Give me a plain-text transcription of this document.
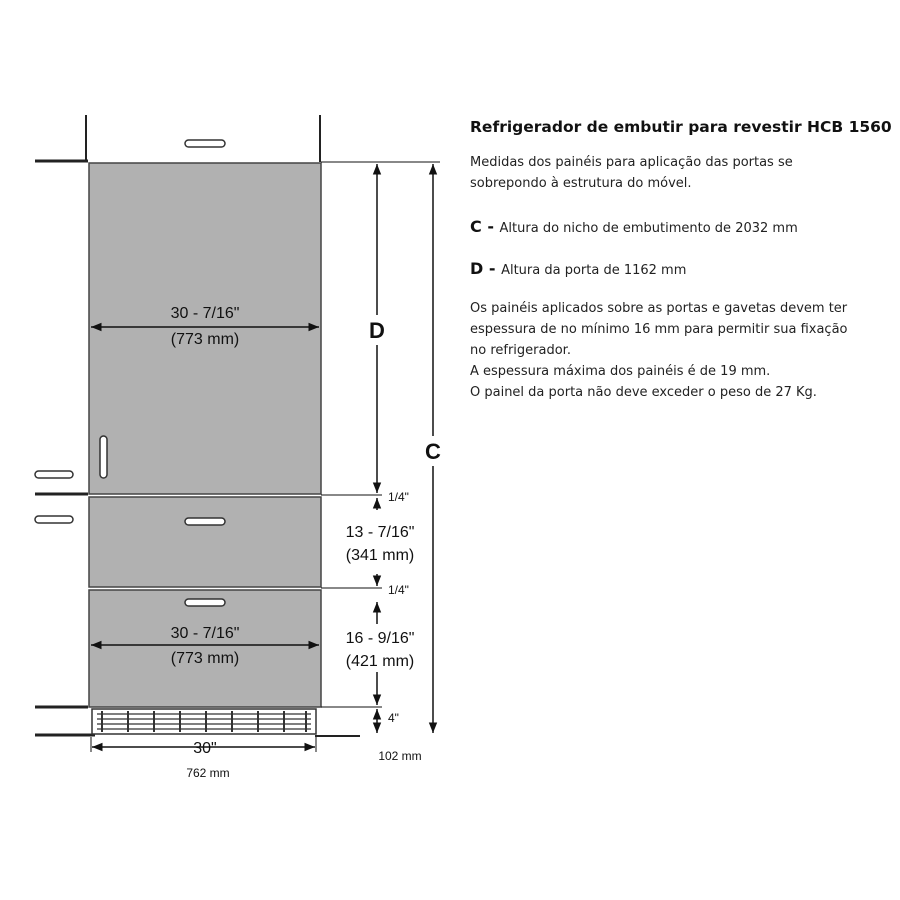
30 - 7/16"
(773 mm)
30 - 7/16"
(773 mm)
30"
762 mm
D
C
1/4"
1/4"
13 - 7/16"
(341 mm)
16 - 9/16"
(421 mm)
4"
102 mm
Refrigerador de embutir para revestir HCB 1560

Medidas dos painéis para aplicação das portas se

sobrepondo à estrutura do móvel.

C - Altura do nicho de embutimento de 2032 mm

D - Altura da porta de 1162 mm

Os painéis aplicados sobre as portas e gavetas devem ter

espessura de no mínimo 16 mm para permitir sua fixação

no refrigerador.

A espessura máxima dos painéis é de 19 mm.

O painel da porta não deve exceder o peso de 27 Kg.
